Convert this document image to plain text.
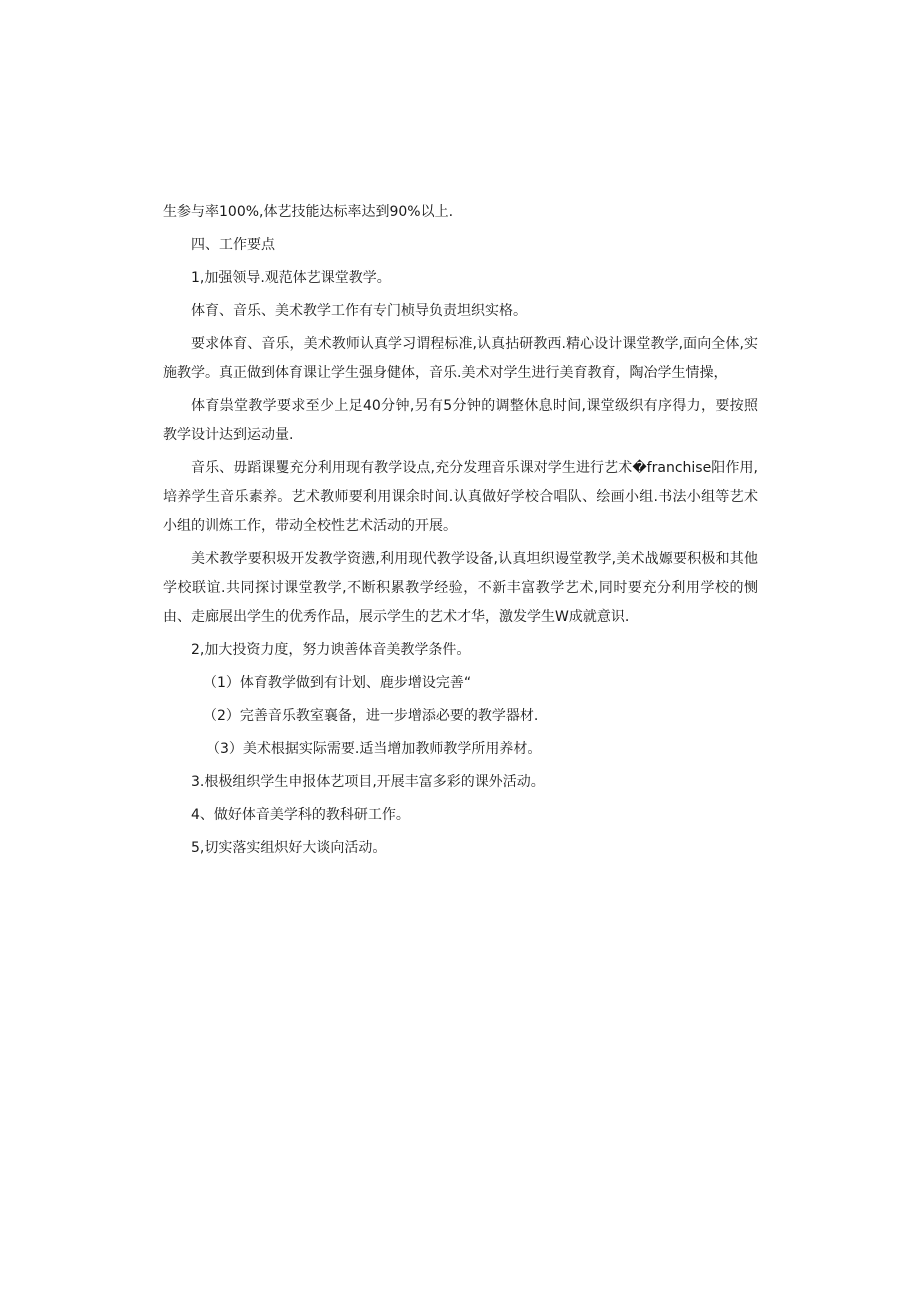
生参与率100%,体艺技能达标率达到90%以上.

四、工作要点

1,加强领导.观范体艺课堂教学。

体育、音乐、美术教学工作有专门桢导负责坦织实格。

要求体育、音乐，美术教师认真学习谓程标准,认真拈研教西.精心设计课堂教学,面向全体,实施教学。真正做到体育课让学生强身健体，音乐.美术对学生进行美育教育，陶冶学生情操，

体育祟堂教学要求至少上足40分钟,另有5分钟的调整休息时间,课堂级织有序得力，要按照教学设计达到运动量.

音乐、毋蹈课矍充分利用现有教学设点,充分发理音乐课对学生进行艺术�franchise阳作用,培养学生音乐素养。艺术教师要利用课余时间.认真做好学校合唱队、绘画小组.书法小组等艺术小组的训炼工作，带动全校性艺术活动的开展。

美术教学要积圾开发教学资懑,利用现代教学设备,认真坦织谩堂教学,美术战嫄要积极和其他学校联谊.共同探讨课堂教学,不断积累教学经验，不新丰富教学艺术,同时要充分利用学校的恻由、走廊展出学生的优秀作品，展示学生的艺术才华，激发学生W成就意识.

2,加大投资力度，努力谀善体音美教学条件。

（1）体育教学做到有计划、鹿步增设完善“

（2）完善音乐教室襄备，进一步增添必要的教学器材.

（3）美术根据实际需要.适当增加教师教学所用养材。

3.根极组织学生申报体艺项目,开展丰富多彩的课外活动。

4、做好体音美学科的教科研工作。

5,切实落实组炽好大谈向活动。
